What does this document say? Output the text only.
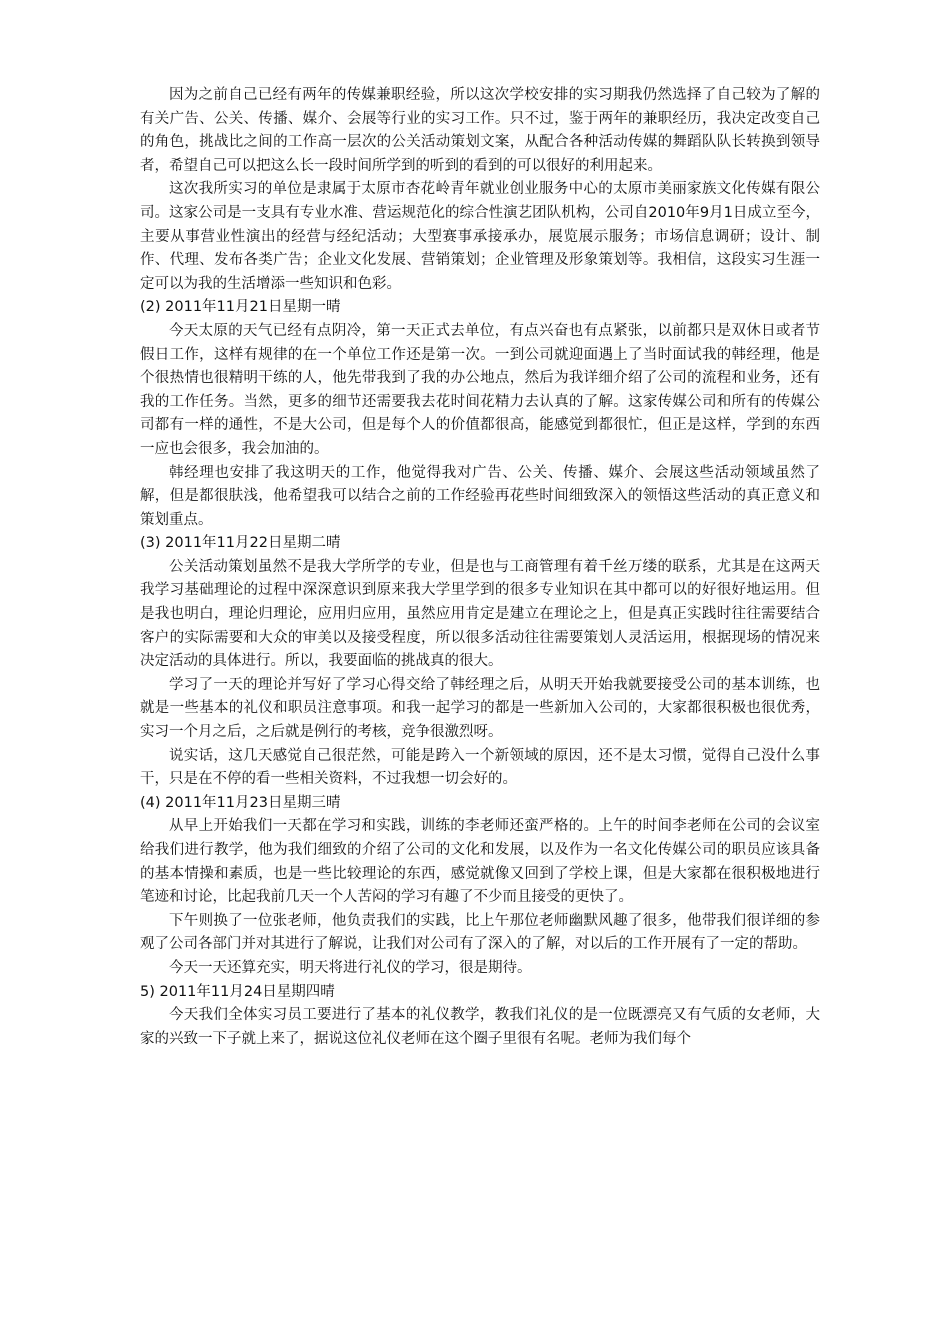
因为之前自己已经有两年的传媒兼职经验，所以这次学校安排的实习期我仍然选择了自己较为了解的有关广告、公关、传播、媒介、会展等行业的实习工作。只不过，鉴于两年的兼职经历，我决定改变自己的角色，挑战比之间的工作高一层次的公关活动策划文案，从配合各种活动传媒的舞蹈队队长转换到领导者，希望自己可以把这么长一段时间所学到的听到的看到的可以很好的利用起来。

这次我所实习的单位是隶属于太原市杏花岭青年就业创业服务中心的太原市美丽家族文化传媒有限公司。这家公司是一支具有专业水准、营运规范化的综合性演艺团队机构，公司自2010年9月1日成立至今，主要从事营业性演出的经营与经纪活动；大型赛事承接承办，展览展示服务；市场信息调研；设计、制作、代理、发布各类广告；企业文化发展、营销策划；企业管理及形象策划等。我相信，这段实习生涯一定可以为我的生活增添一些知识和色彩。

(2) 2011年11月21日星期一晴

今天太原的天气已经有点阴冷，第一天正式去单位，有点兴奋也有点紧张，以前都只是双休日或者节假日工作，这样有规律的在一个单位工作还是第一次。一到公司就迎面遇上了当时面试我的韩经理，他是个很热情也很精明干练的人，他先带我到了我的办公地点，然后为我详细介绍了公司的流程和业务，还有我的工作任务。当然，更多的细节还需要我去花时间花精力去认真的了解。这家传媒公司和所有的传媒公司都有一样的通性，不是大公司，但是每个人的价值都很高，能感觉到都很忙，但正是这样，学到的东西一应也会很多，我会加油的。

韩经理也安排了我这明天的工作，他觉得我对广告、公关、传播、媒介、会展这些活动领域虽然了解，但是都很肤浅，他希望我可以结合之前的工作经验再花些时间细致深入的领悟这些活动的真正意义和策划重点。

(3) 2011年11月22日星期二晴

公关活动策划虽然不是我大学所学的专业，但是也与工商管理有着千丝万缕的联系，尤其是在这两天我学习基础理论的过程中深深意识到原来我大学里学到的很多专业知识在其中都可以的好很好地运用。但是我也明白，理论归理论，应用归应用，虽然应用肯定是建立在理论之上，但是真正实践时往往需要结合客户的实际需要和大众的审美以及接受程度，所以很多活动往往需要策划人灵活运用，根据现场的情况来决定活动的具体进行。所以，我要面临的挑战真的很大。

学习了一天的理论并写好了学习心得交给了韩经理之后，从明天开始我就要接受公司的基本训练，也就是一些基本的礼仪和职员注意事项。和我一起学习的都是一些新加入公司的，大家都很积极也很优秀，实习一个月之后，之后就是例行的考核，竞争很激烈呀。

说实话，这几天感觉自己很茫然，可能是跨入一个新领域的原因，还不是太习惯，觉得自己没什么事干，只是在不停的看一些相关资料，不过我想一切会好的。

(4) 2011年11月23日星期三晴

从早上开始我们一天都在学习和实践，训练的李老师还蛮严格的。上午的时间李老师在公司的会议室给我们进行教学，他为我们细致的介绍了公司的文化和发展，以及作为一名文化传媒公司的职员应该具备的基本情操和素质，也是一些比较理论的东西，感觉就像又回到了学校上课，但是大家都在很积极地进行笔迹和讨论，比起我前几天一个人苦闷的学习有趣了不少而且接受的更快了。

下午则换了一位张老师，他负责我们的实践，比上午那位老师幽默风趣了很多，他带我们很详细的参观了公司各部门并对其进行了解说，让我们对公司有了深入的了解，对以后的工作开展有了一定的帮助。

今天一天还算充实，明天将进行礼仪的学习，很是期待。

5) 2011年11月24日星期四晴

今天我们全体实习员工要进行了基本的礼仪教学，教我们礼仪的是一位既漂亮又有气质的女老师，大家的兴致一下子就上来了，据说这位礼仪老师在这个圈子里很有名呢。老师为我们每个
